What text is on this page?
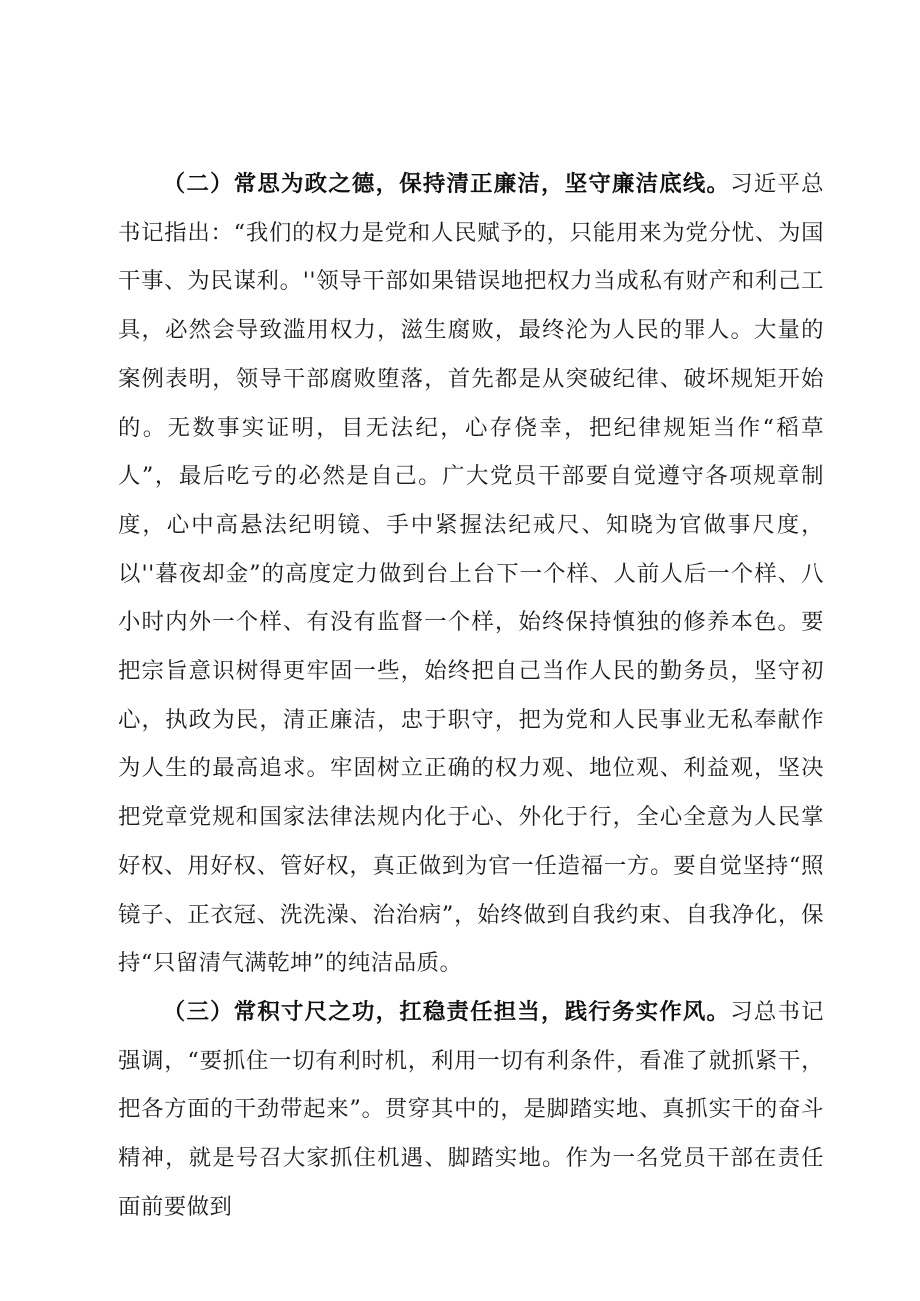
（二）常思为政之德，保持清正廉洁，坚守廉洁底线。习近平总书记指出：“我们的权力是党和人民赋予的，只能用来为党分忧、为国干事、为民谋利。''领导干部如果错误地把权力当成私有财产和利己工具，必然会导致滥用权力，滋生腐败，最终沦为人民的罪人。大量的案例表明，领导干部腐败堕落，首先都是从突破纪律、破坏规矩开始的。无数事实证明，目无法纪，心存侥幸，把纪律规矩当作“稻草人”，最后吃亏的必然是自己。广大党员干部要自觉遵守各项规章制度，心中高悬法纪明镜、手中紧握法纪戒尺、知晓为官做事尺度，以''暮夜却金”的高度定力做到台上台下一个样、人前人后一个样、八小时内外一个样、有没有监督一个样，始终保持慎独的修养本色。要把宗旨意识树得更牢固一些，始终把自己当作人民的勤务员，坚守初心，执政为民，清正廉洁，忠于职守，把为党和人民事业无私奉献作为人生的最高追求。牢固树立正确的权力观、地位观、利益观，坚决把党章党规和国家法律法规内化于心、外化于行，全心全意为人民掌好权、用好权、管好权，真正做到为官一任造福一方。要自觉坚持“照镜子、正衣冠、洗洗澡、治治病”，始终做到自我约束、自我净化，保持“只留清气满乾坤”的纯洁品质。

（三）常积寸尺之功，扛稳责任担当，践行务实作风。习总书记强调，“要抓住一切有利时机，利用一切有利条件，看准了就抓紧干，把各方面的干劲带起来”。贯穿其中的，是脚踏实地、真抓实干的奋斗精神，就是号召大家抓住机遇、脚踏实地。作为一名党员干部在责任面前要做到
